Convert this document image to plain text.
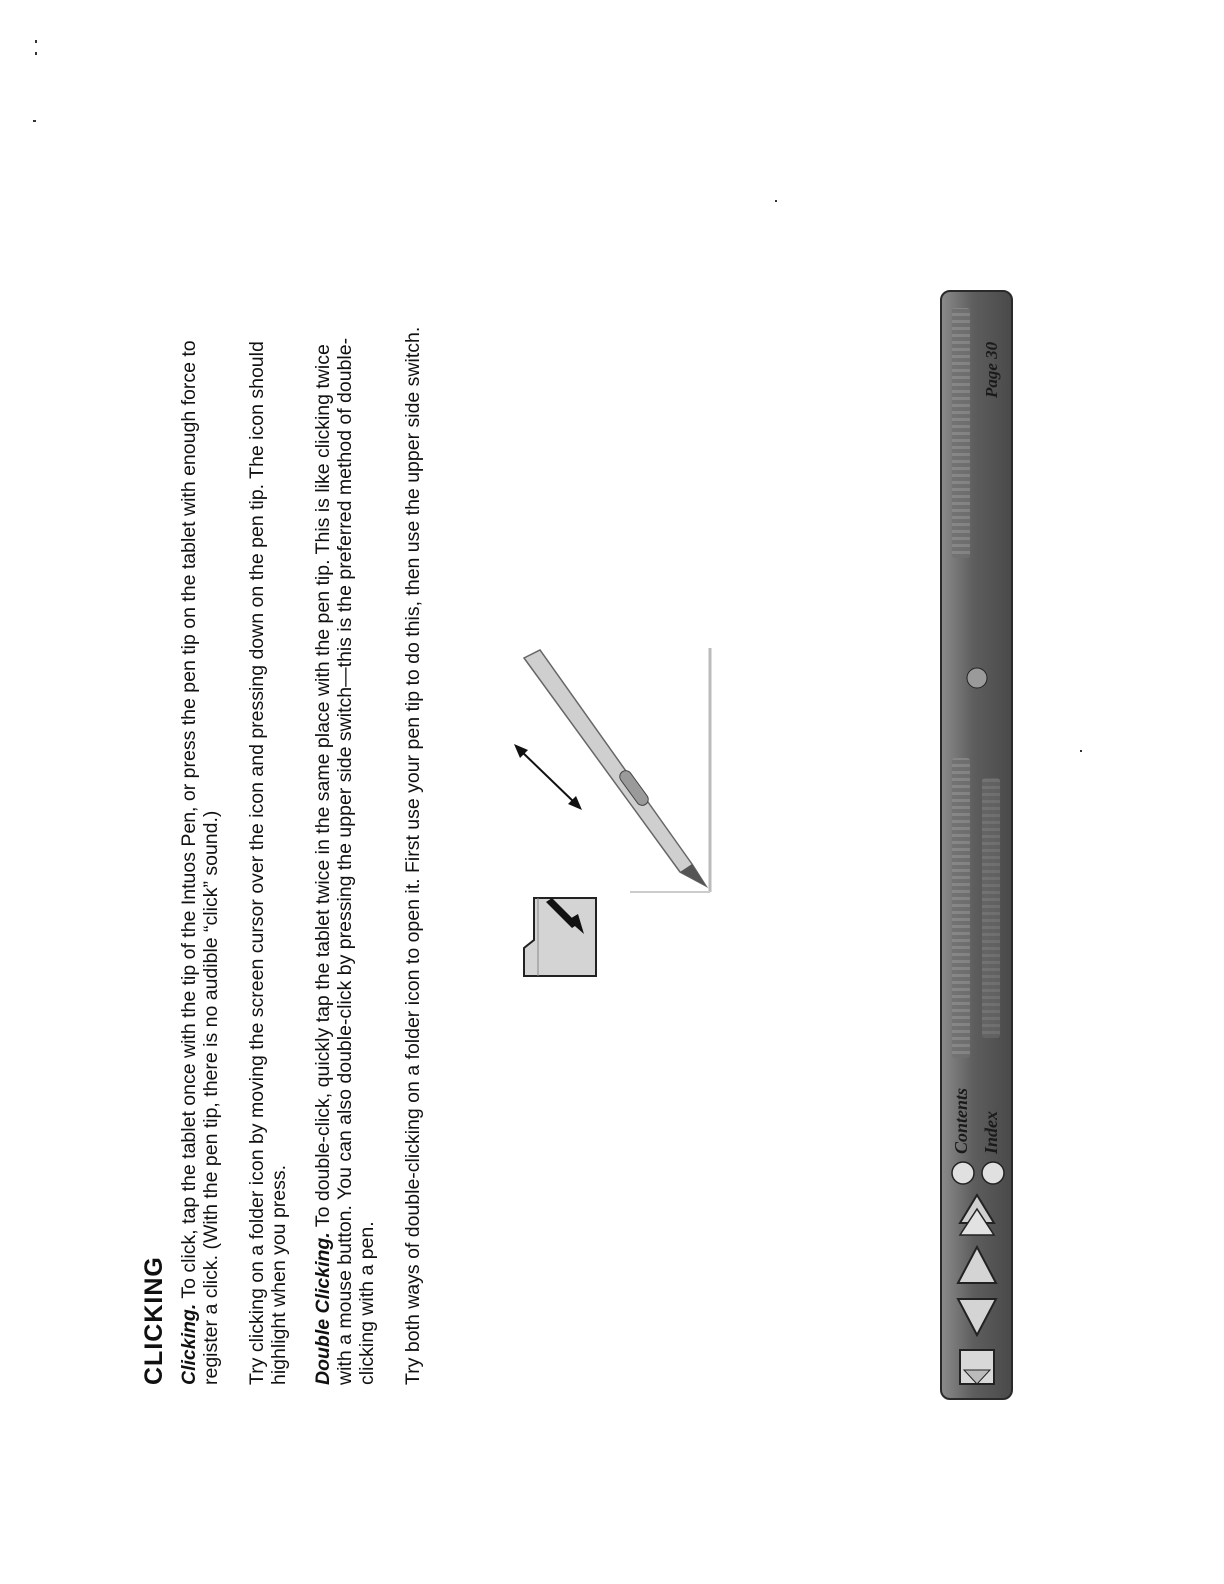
CLICKING Clicking. To click, tap the tablet once with the tip of the Intuos Pen, or press the pen tip on the tablet with enough force to register a click. (With the pen tip, there is no audible “click” sound.) Try clicking on a folder icon by moving the screen cursor over the icon and pressing down on the pen tip. The icon should highlight when you press. Double Clicking. To double-click, quickly tap the tablet twice in the same place with the pen tip. This is like clicking twice with a mouse button. You can also double-click by pressing the upper side switch—this is the preferred method of double-clicking with a pen. Try both ways of double-clicking on a folder icon to open it. First use your pen tip to do this, then use the upper side switch.	Contents Index
Page 30
